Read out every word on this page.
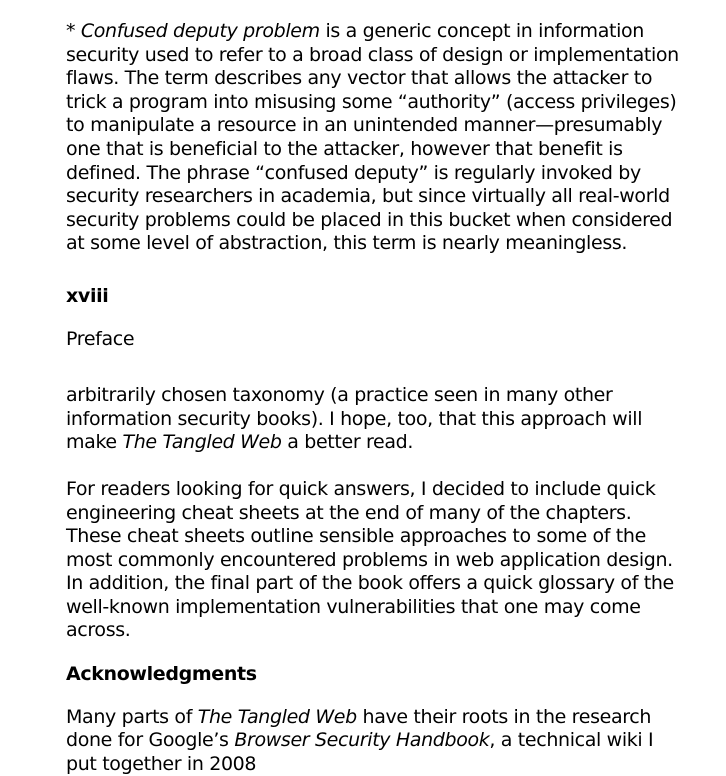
* Confused deputy problem is a generic concept in information security used to refer to a broad class of design or implementation flaws. The term describes any vector that allows the attacker to trick a program into misusing some “authority” (access privileges) to manipulate a resource in an unintended manner—presumably one that is beneficial to the attacker, however that benefit is defined. The phrase “confused deputy” is regularly invoked by security researchers in academia, but since virtually all real-world security problems could be placed in this bucket when considered at some level of abstraction, this term is nearly meaningless.

xviii

Preface

arbitrarily chosen taxonomy (a practice seen in many other information security books). I hope, too, that this approach will make The Tangled Web a better read.

For readers looking for quick answers, I decided to include quick engineering cheat sheets at the end of many of the chapters. These cheat sheets outline sensible approaches to some of the most commonly encountered problems in web application design. In addition, the final part of the book offers a quick glossary of the well-known implementation vulnerabilities that one may come across.

Acknowledgments

Many parts of The Tangled Web have their roots in the research done for Google’s Browser Security Handbook, a technical wiki I put together in 2008
